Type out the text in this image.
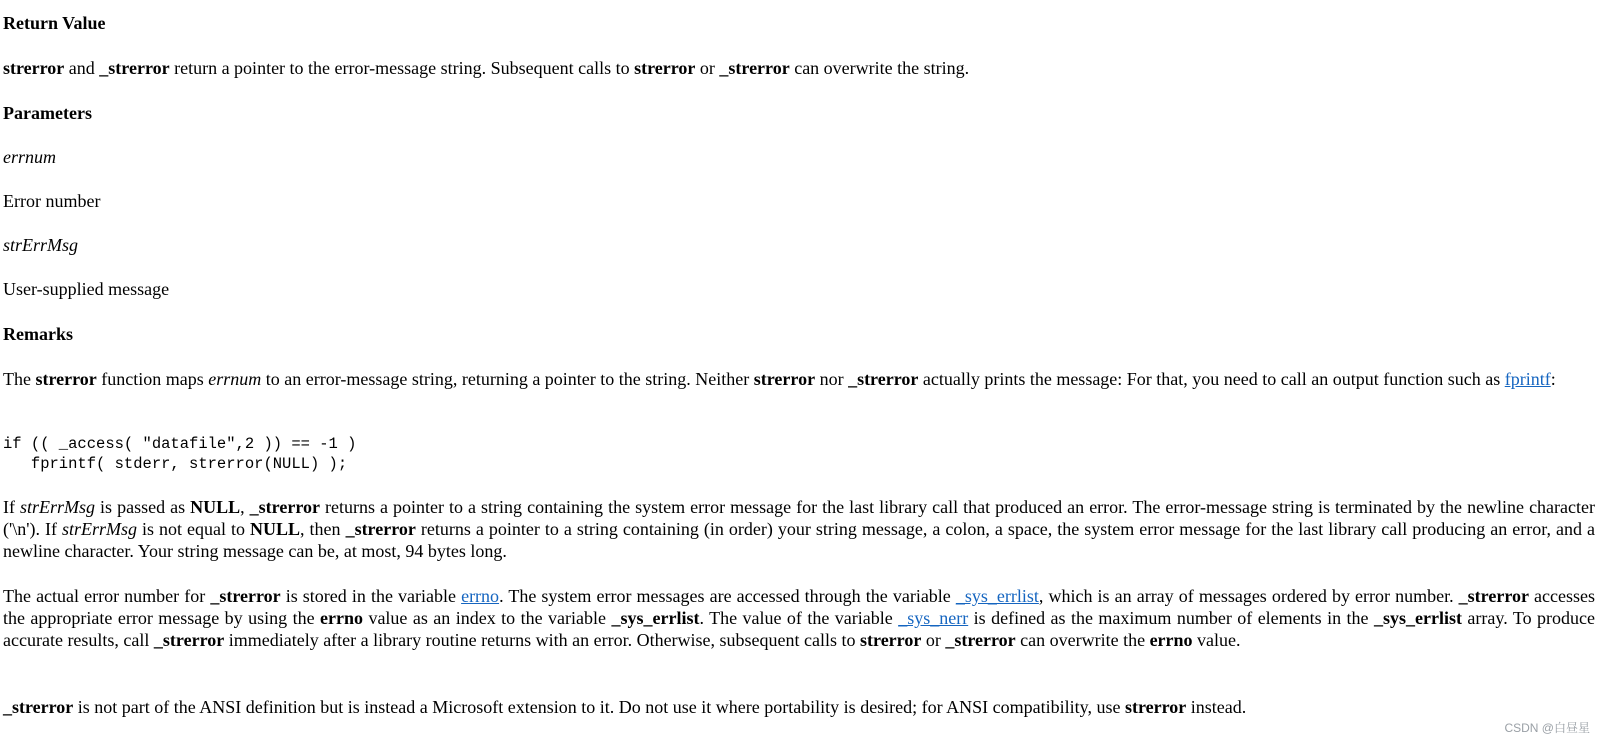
Return Value

strerror and _strerror return a pointer to the error-message string. Subsequent calls to strerror or _strerror can overwrite the string.

Parameters

errnum

Error number

strErrMsg

User-supplied message

Remarks

The strerror function maps errnum to an error-message string, returning a pointer to the string. Neither strerror nor _strerror actually prints the message: For that, you need to call an output function such as fprintf:

if (( _access( "datafile",2 )) == -1 )
fprintf( stderr, strerror(NULL) );

If strErrMsg is passed as NULL, _strerror returns a pointer to a string containing the system error message for the last library call that produced an error. The error-message string is terminated by the newline character ('\n'). If strErrMsg is not equal to NULL, then _strerror returns a pointer to a string containing (in order) your string message, a colon, a space, the system error message for the last library call producing an error, and a newline character. Your string message can be, at most, 94 bytes long.

The actual error number for _strerror is stored in the variable errno. The system error messages are accessed through the variable _sys_errlist, which is an array of messages ordered by error number. _strerror accesses the appropriate error message by using the errno value as an index to the variable _sys_errlist. The value of the variable _sys_nerr is defined as the maximum number of elements in the _sys_errlist array. To produce accurate results, call _strerror immediately after a library routine returns with an error. Otherwise, subsequent calls to strerror or _strerror can overwrite the errno value.

_strerror is not part of the ANSI definition but is instead a Microsoft extension to it. Do not use it where portability is desired; for ANSI compatibility, use strerror instead.

CSDN @白昼星
